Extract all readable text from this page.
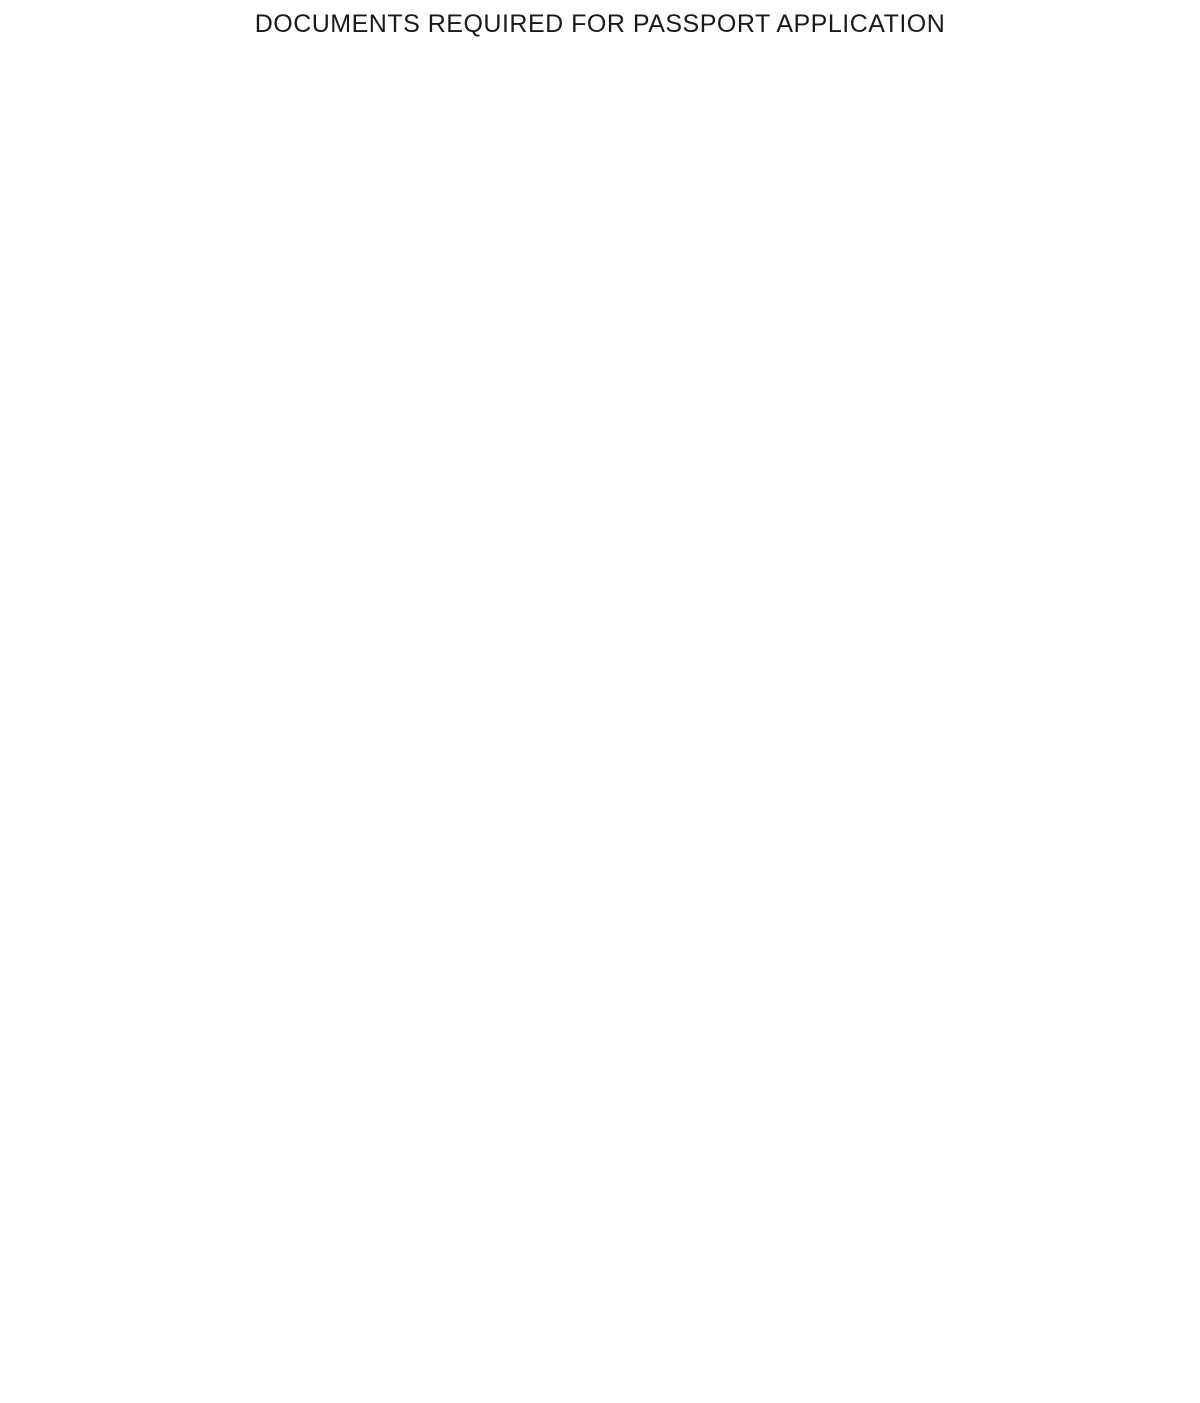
DOCUMENTS REQUIRED FOR PASSPORT APPLICATION
